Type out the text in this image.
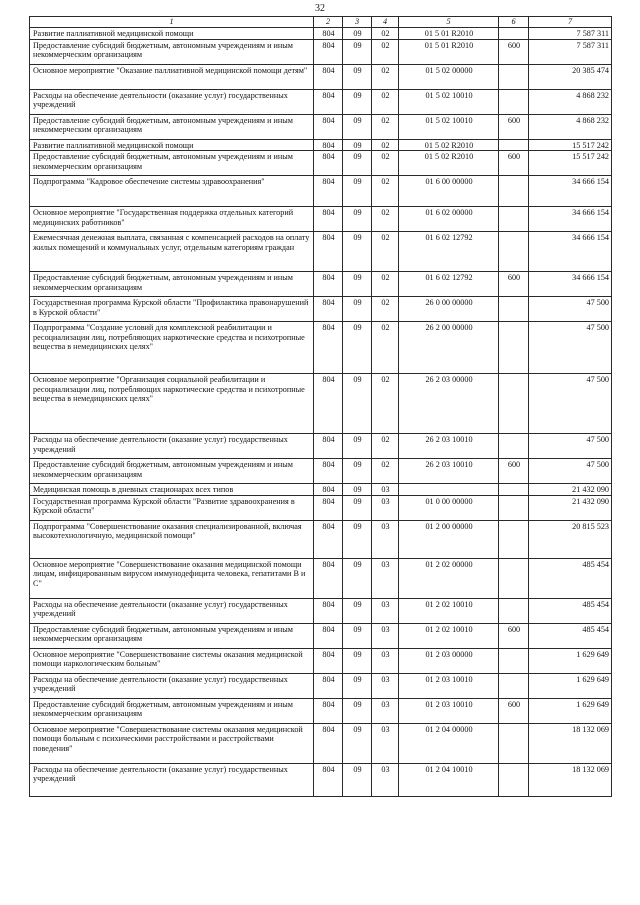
32
1	2	3	4	5	6	7
Развитие паллиативной медицинской помощи	804	09	02	01 5 01 R2010		7 587 311
Предоставление субсидий бюджетным, автономным учреждениям и иным некоммерческим организациям	804	09	02	01 5 01 R2010	600	7 587 311
Основное мероприятие "Оказание паллиативной медицинской помощи детям"	804	09	02	01 5 02 00000		20 385 474
Расходы на обеспечение деятельности (оказание услуг) государственных учреждений	804	09	02	01 5 02 10010		4 868 232
Предоставление субсидий бюджетным, автономным учреждениям и иным некоммерческим организациям	804	09	02	01 5 02 10010	600	4 868 232
Развитие паллиативной медицинской помощи	804	09	02	01 5 02 R2010		15 517 242
Предоставление субсидий бюджетным, автономным учреждениям и иным некоммерческим организациям	804	09	02	01 5 02 R2010	600	15 517 242
Подпрограмма "Кадровое обеспечение системы здравоохранения"	804	09	02	01 6 00 00000		34 666 154
Основное мероприятие "Государственная поддержка отдельных категорий медицинских работников"	804	09	02	01 6 02 00000		34 666 154
Ежемесячная денежная выплата, связанная с компенсацией расходов на оплату жилых помещений и коммунальных услуг, отдельным категориям граждан	804	09	02	01 6 02 12792		34 666 154
Предоставление субсидий бюджетным, автономным учреждениям и иным некоммерческим организациям	804	09	02	01 6 02 12792	600	34 666 154
Государственная программа Курской области "Профилактика правонарушений в Курской области"	804	09	02	26 0 00 00000		47 500
Подпрограмма "Создание условий для комплексной реабилитации и ресоциализации лиц, потребляющих наркотические средства и психотропные вещества в немедицинских целях"	804	09	02	26 2 00 00000		47 500
Основное мероприятие "Организация социальной реабилитации и ресоциализации лиц, потребляющих наркотические средства и психотропные вещества в немедицинских целях"	804	09	02	26 2 03 00000		47 500
Расходы на обеспечение деятельности (оказание услуг) государственных учреждений	804	09	02	26 2 03 10010		47 500
Предоставление субсидий бюджетным, автономным учреждениям и иным некоммерческим организациям	804	09	02	26 2 03 10010	600	47 500
Медицинская помощь в дневных стационарах всех типов	804	09	03			21 432 090
Государственная программа Курской области "Развитие здравоохранения в Курской области"	804	09	03	01 0 00 00000		21 432 090
Подпрограмма "Совершенствование оказания специализированной, включая высокотехнологичную, медицинской помощи"	804	09	03	01 2 00 00000		20 815 523
Основное мероприятие "Совершенствование оказания медицинской помощи лицам, инфицированным вирусом иммунодефицита человека, гепатитами В и С"	804	09	03	01 2 02 00000		485 454
Расходы на обеспечение деятельности (оказание услуг) государственных учреждений	804	09	03	01 2 02 10010		485 454
Предоставление субсидий бюджетным, автономным учреждениям и иным некоммерческим организациям	804	09	03	01 2 02 10010	600	485 454
Основное мероприятие "Совершенствование системы оказания медицинской помощи наркологическим больным"	804	09	03	01 2 03 00000		1 629 649
Расходы на обеспечение деятельности (оказание услуг) государственных учреждений	804	09	03	01 2 03 10010		1 629 649
Предоставление субсидий бюджетным, автономным учреждениям и иным некоммерческим организациям	804	09	03	01 2 03 10010	600	1 629 649
Основное мероприятие "Совершенствование системы оказания медицинской помощи больным с психическими расстройствами и расстройствами поведения"	804	09	03	01 2 04 00000		18 132 069
Расходы на обеспечение деятельности (оказание услуг) государственных учреждений	804	09	03	01 2 04 10010		18 132 069
